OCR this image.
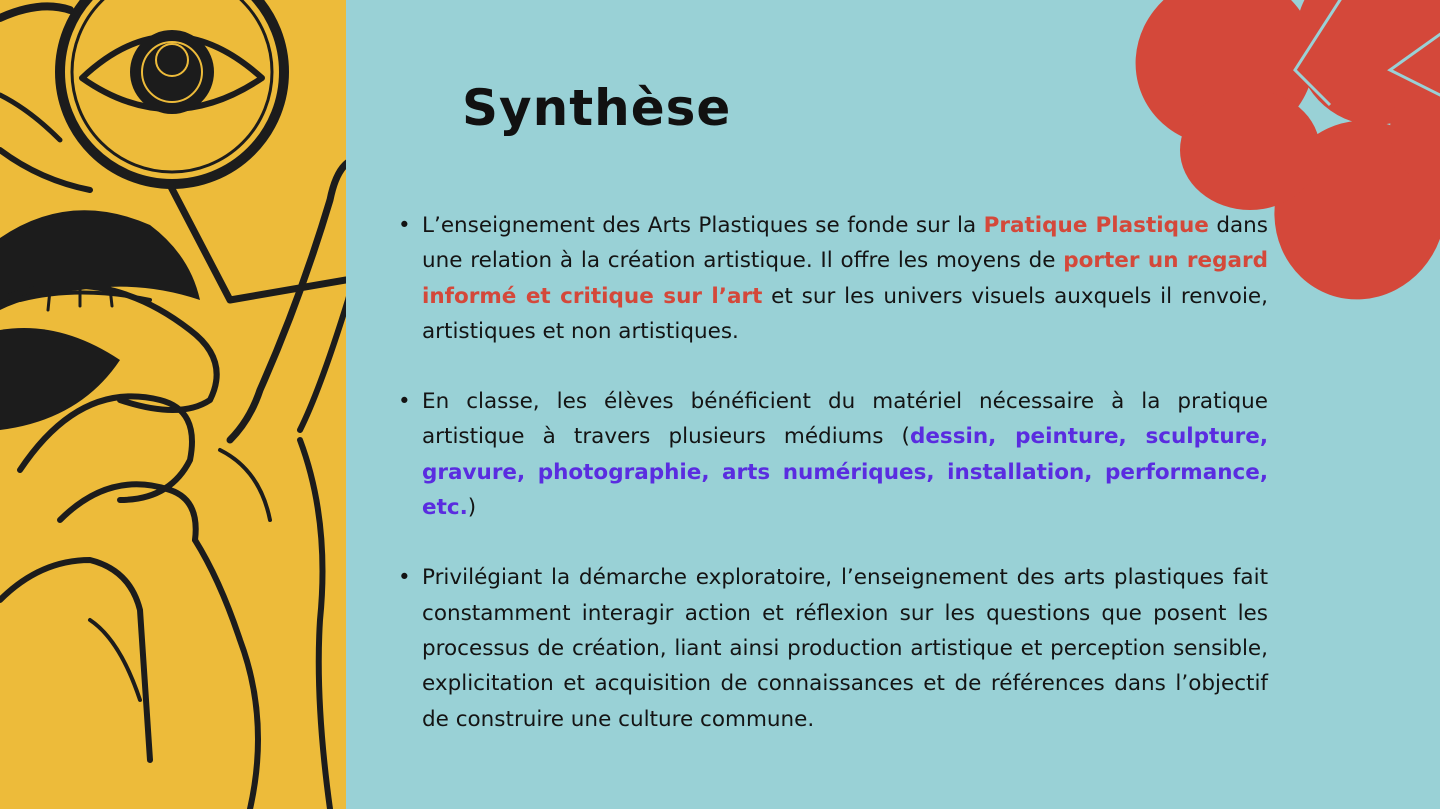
Synthèse
• L’enseignement des Arts Plastiques se fonde sur la Pratique Plastique dans une relation à la création artistique. Il offre les moyens de porter un regard informé et critique sur l’art et sur les univers visuels auxquels il renvoie, artistiques et non artistiques.
• En classe, les élèves bénéficient du matériel nécessaire à la pratique artistique à travers plusieurs médiums (dessin, peinture, sculpture, gravure, photographie, arts numériques, installation, performance, etc.)
• Privilégiant la démarche exploratoire, l’enseignement des arts plastiques fait constamment interagir action et réflexion sur les questions que posent les processus de création, liant ainsi production artistique et perception sensible, explicitation et acquisition de connaissances et de références dans l’objectif de construire une culture commune.
